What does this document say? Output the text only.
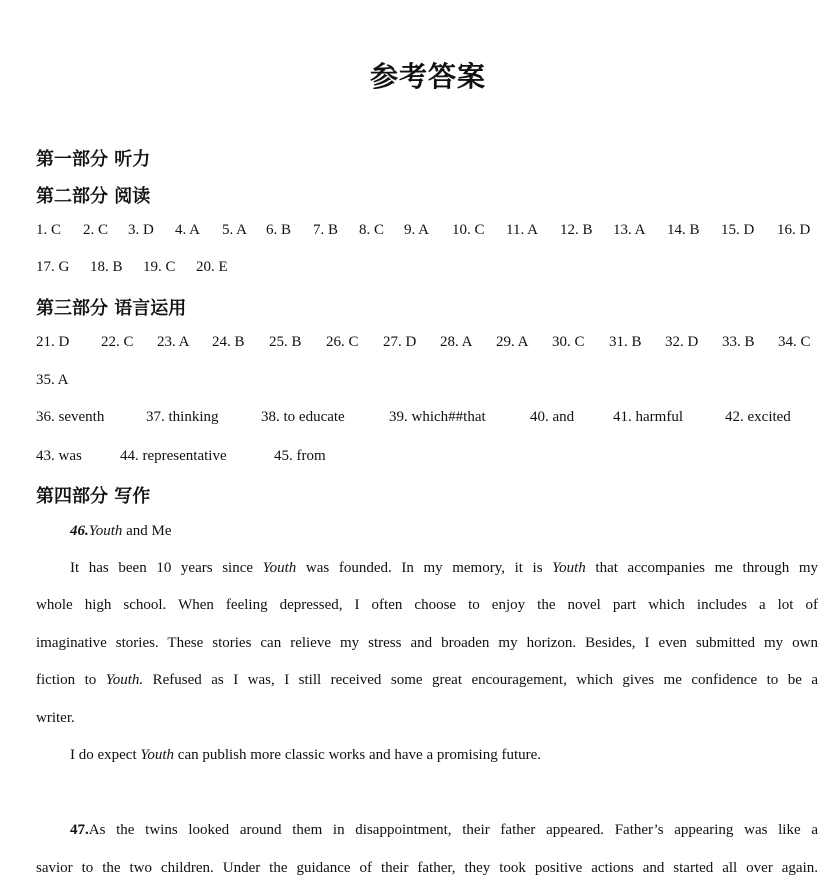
参考答案
第一部分 听力
第二部分 阅读
1. C 2. C 3. D 4. A 5. A 6. B 7. B 8. C 9. A 10. C 11. A 12. B 13. A 14. B 15. D 16. D
17. G 18. B 19. C 20. E
第三部分 语言运用
21. D 22. C 23. A 24. B 25. B 26. C 27. D 28. A 29. A 30. C 31. B 32. D 33. B 34. C
35. A
36. seventh	37. thinking	38. to educate	39. which##that	40. and	41. harmful	42. excited
43. was	44. representative	45. from
第四部分 写作
46.Youth and Me
It has been 10 years since Youth was founded. In my memory, it is Youth that accompanies me through my
whole high school. When feeling depressed, I often choose to enjoy the novel part which includes a lot of
imaginative stories. These stories can relieve my stress and broaden my horizon. Besides, I even submitted my own
fiction to Youth. Refused as I was, I still received some great encouragement, which gives me confidence to be a
writer.
I do expect Youth can publish more classic works and have a promising future.
47.As the twins looked around them in disappointment, their father appeared. Father’s appearing was like a
savior to the two children. Under the guidance of their father, they took positive actions and started all over again.
